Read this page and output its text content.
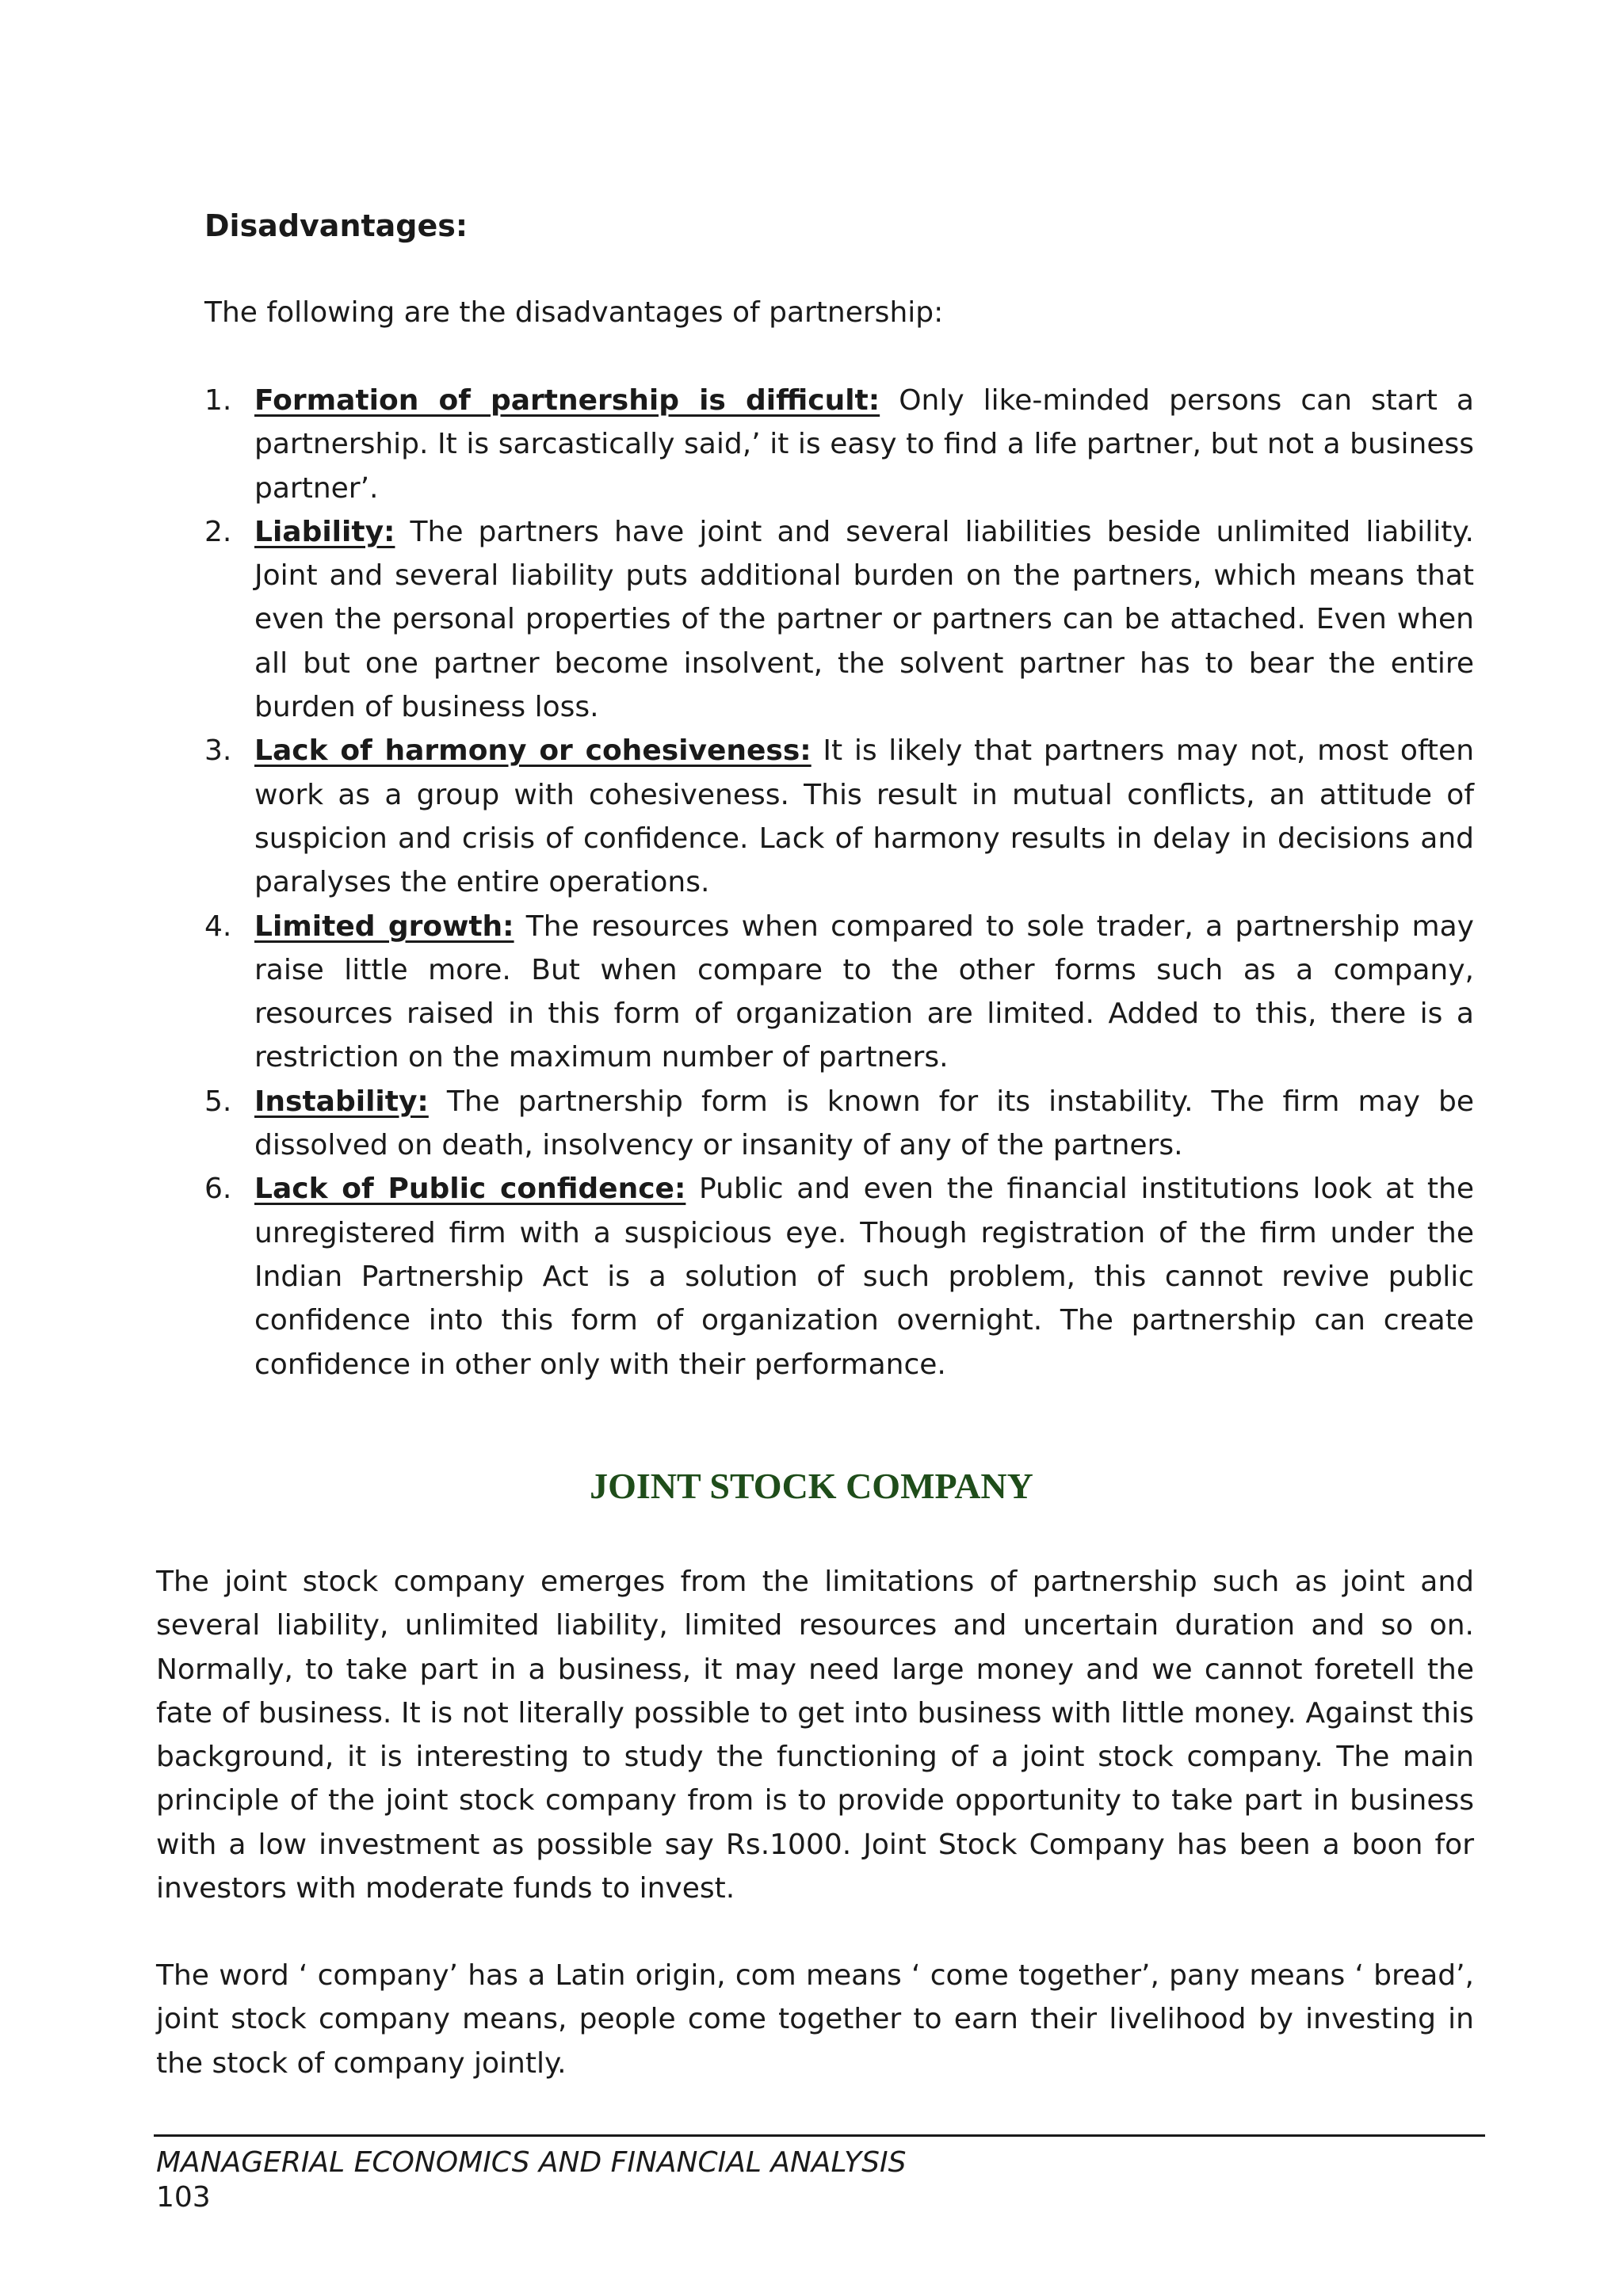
Disadvantages:

The following are the disadvantages of partnership:

1. Formation of partnership is difficult: Only like-minded persons can start a partnership. It is sarcastically said,’ it is easy to find a life partner, but not a business partner’.
2. Liability: The partners have joint and several liabilities beside unlimited liability. Joint and several liability puts additional burden on the partners, which means that even the personal properties of the partner or partners can be attached. Even when all but one partner become insolvent, the solvent partner has to bear the entire burden of business loss.
3. Lack of harmony or cohesiveness: It is likely that partners may not, most often work as a group with cohesiveness. This result in mutual conflicts, an attitude of suspicion and crisis of confidence. Lack of harmony results in delay in decisions and paralyses the entire operations.
4. Limited growth: The resources when compared to sole trader, a partnership may raise little more. But when compare to the other forms such as a company, resources raised in this form of organization are limited. Added to this, there is a restriction on the maximum number of partners.
5. Instability: The partnership form is known for its instability. The firm may be dissolved on death, insolvency or insanity of any of the partners.
6. Lack of Public confidence: Public and even the financial institutions look at the unregistered firm with a suspicious eye. Though registration of the firm under the Indian Partnership Act is a solution of such problem, this cannot revive public confidence into this form of organization overnight. The partnership can create confidence in other only with their performance.
JOINT STOCK COMPANY

The joint stock company emerges from the limitations of partnership such as joint and several liability, unlimited liability, limited resources and uncertain duration and so on. Normally, to take part in a business, it may need large money and we cannot foretell the fate of business. It is not literally possible to get into business with little money. Against this background, it is interesting to study the functioning of a joint stock company. The main principle of the joint stock company from is to provide opportunity to take part in business with a low investment as possible say Rs.1000. Joint Stock Company has been a boon for investors with moderate funds to invest.

The word ‘ company’ has a Latin origin, com means ‘ come together’, pany means ‘ bread’, joint stock company means, people come together to earn their livelihood by investing in the stock of company jointly.

MANAGERIAL ECONOMICS AND FINANCIAL ANALYSIS

103
